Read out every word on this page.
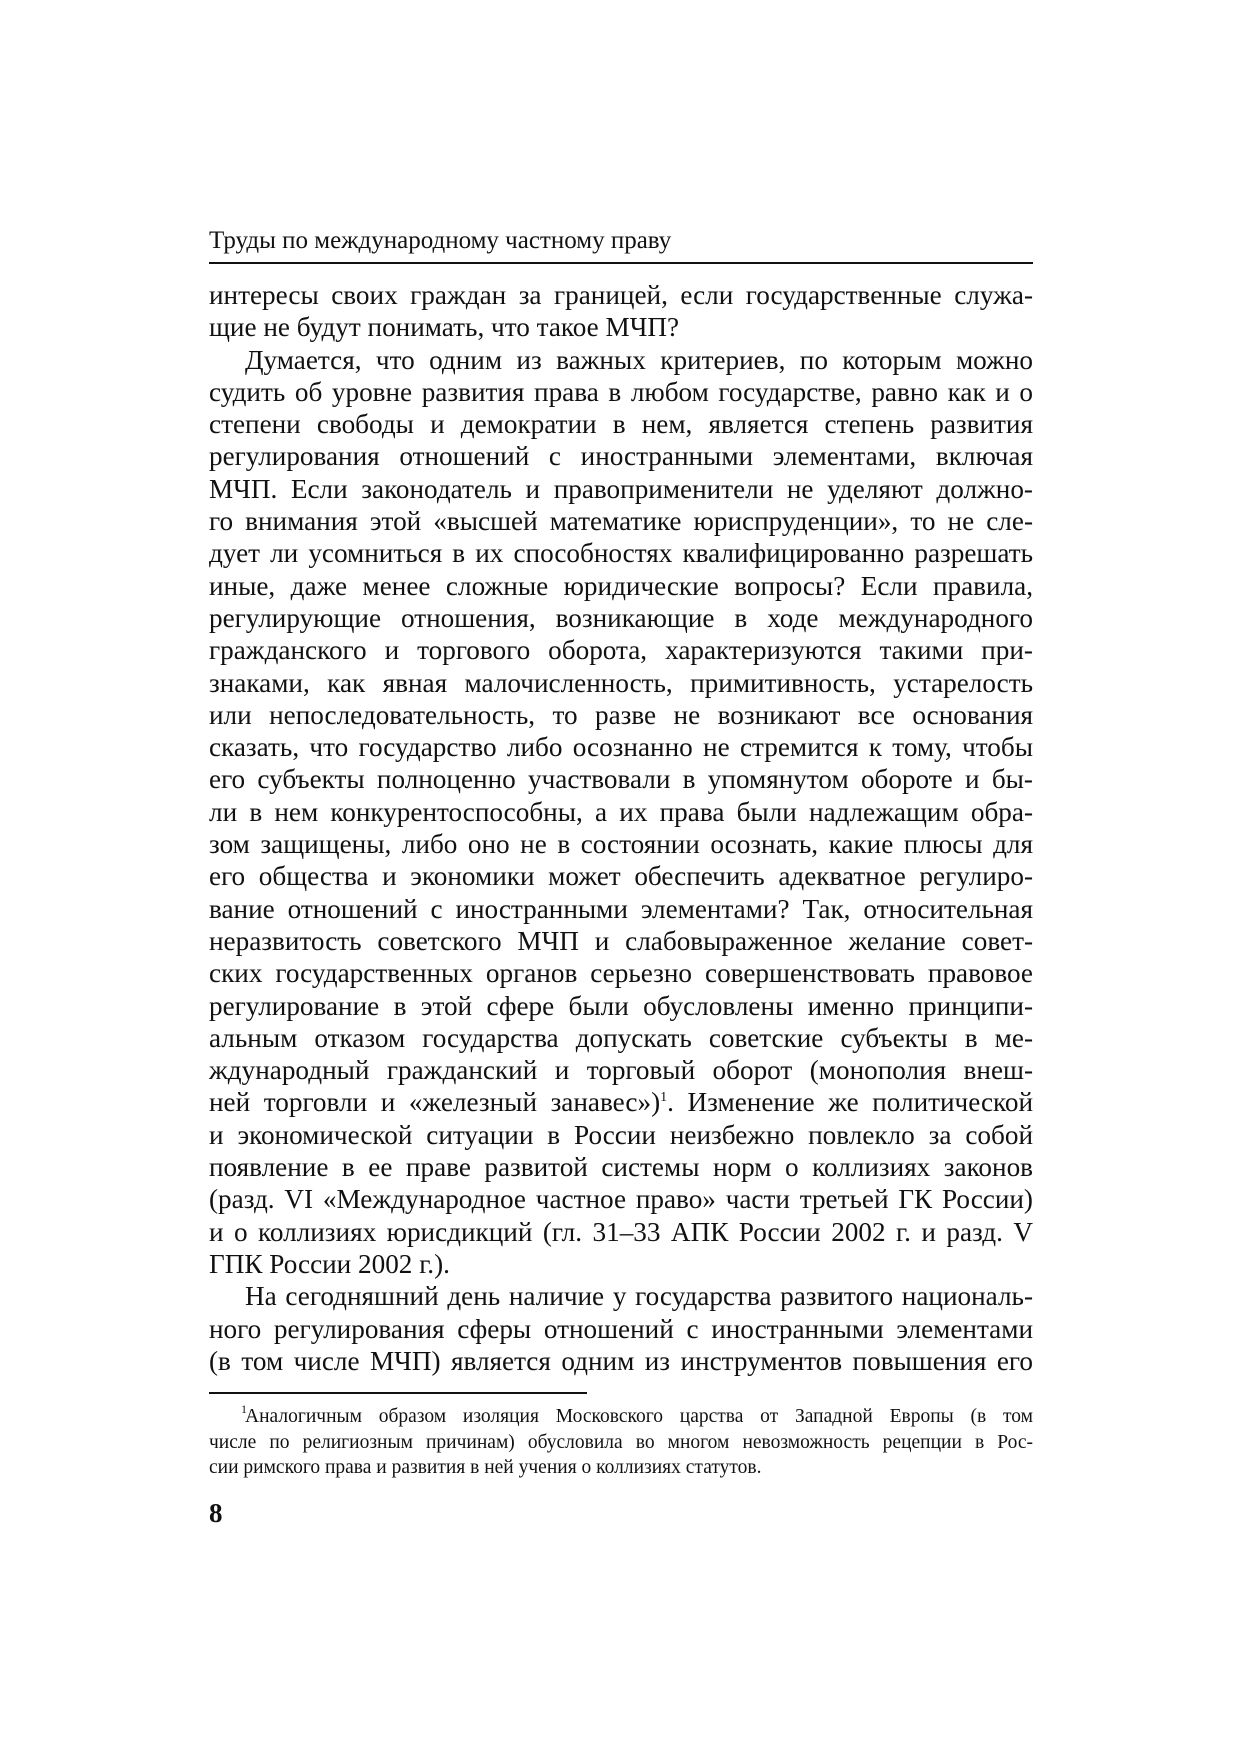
Труды по международному частному праву
интересы своих граждан за границей, если государственные служа-
щие не будут понимать, что такое МЧП?
Думается, что одним из важных критериев, по которым можно
судить об уровне развития права в любом государстве, равно как и о
степени свободы и демократии в нем, является степень развития
регулирования отношений с иностранными элементами, включая
МЧП. Если законодатель и правоприменители не уделяют должно-
го внимания этой «высшей математике юриспруденции», то не сле-
дует ли усомниться в их способностях квалифицированно разрешать
иные, даже менее сложные юридические вопросы? Если правила,
регулирующие отношения, возникающие в ходе международного
гражданского и торгового оборота, характеризуются такими при-
знаками, как явная малочисленность, примитивность, устарелость
или непоследовательность, то разве не возникают все основания
сказать, что государство либо осознанно не стремится к тому, чтобы
его субъекты полноценно участвовали в упомянутом обороте и бы-
ли в нем конкурентоспособны, а их права были надлежащим обра-
зом защищены, либо оно не в состоянии осознать, какие плюсы для
его общества и экономики может обеспечить адекватное регулиро-
вание отношений с иностранными элементами? Так, относительная
неразвитость советского МЧП и слабовыраженное желание совет-
ских государственных органов серьезно совершенствовать правовое
регулирование в этой сфере были обусловлены именно принципи-
альным отказом государства допускать советские субъекты в ме-
ждународный гражданский и торговый оборот (монополия внеш-
ней торговли и «железный занавес»)$^1$. Изменение же политической
и экономической ситуации в России неизбежно повлекло за собой
появление в ее праве развитой системы норм о коллизиях законов
(разд. VI «Международное частное право» части третьей ГК России)
и о коллизиях юрисдикций (гл. 31–33 АПК России 2002 г. и разд. V
ГПК России 2002 г.).
На сегодняшний день наличие у государства развитого националь-
ного регулирования сферы отношений с иностранными элементами
(в том числе МЧП) является одним из инструментов повышения его
1
Аналогичным образом изоляция Московского царства от Западной Европы (в том
числе по религиозным причинам) обусловила во многом невозможность рецепции в Рос-
сии римского права и развития в ней учения о коллизиях статутов.
8
